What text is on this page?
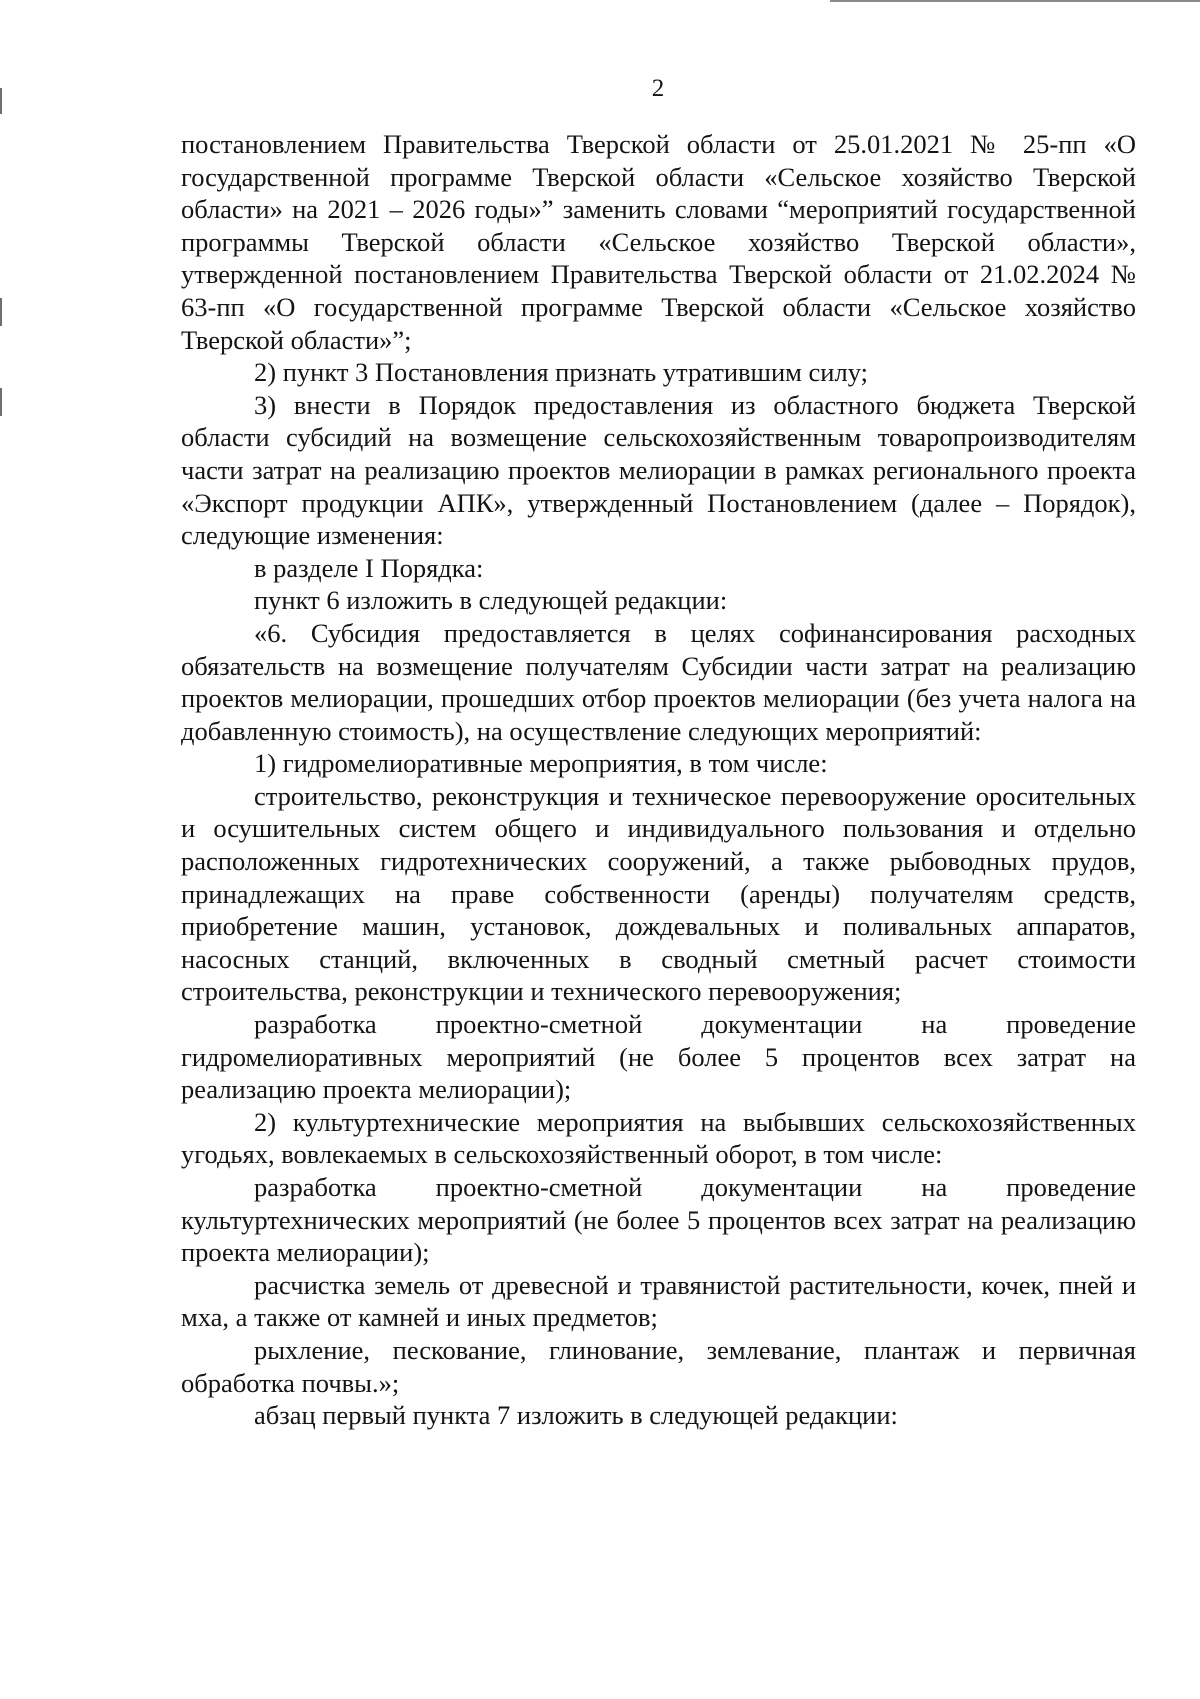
2

постановлением Правительства Тверской области от 25.01.2021 № 25-пп «О государственной программе Тверской области «Сельское хозяйство Тверской области» на 2021 – 2026 годы»” заменить словами “мероприятий государственной программы Тверской области «Сельское хозяйство Тверской области», утвержденной постановлением Правительства Тверской области от 21.02.2024 № 63-пп «О государственной программе Тверской области «Сельское хозяйство Тверской области»”;

2) пункт 3 Постановления признать утратившим силу;

3) внести в Порядок предоставления из областного бюджета Тверской области субсидий на возмещение сельскохозяйственным товаропроизводителям части затрат на реализацию проектов мелиорации в рамках регионального проекта «Экспорт продукции АПК», утвержденный Постановлением (далее – Порядок), следующие изменения:

в разделе I Порядка:

пункт 6 изложить в следующей редакции:

«6. Субсидия предоставляется в целях софинансирования расходных обязательств на возмещение получателям Субсидии части затрат на реализацию проектов мелиорации, прошедших отбор проектов мелиорации (без учета налога на добавленную стоимость), на осуществление следующих мероприятий:

1) гидромелиоративные мероприятия, в том числе:

строительство, реконструкция и техническое перевооружение оросительных и осушительных систем общего и индивидуального пользования и отдельно расположенных гидротехнических сооружений, а также рыбоводных прудов, принадлежащих на праве собственности (аренды) получателям средств, приобретение машин, установок, дождевальных и поливальных аппаратов, насосных станций, включенных в сводный сметный расчет стоимости строительства, реконструкции и технического перевооружения;

разработка проектно-сметной документации на проведение гидромелиоративных мероприятий (не более 5 процентов всех затрат на реализацию проекта мелиорации);

2) культуртехнические мероприятия на выбывших сельскохозяйственных угодьях, вовлекаемых в сельскохозяйственный оборот, в том числе:

разработка проектно-сметной документации на проведение культуртехнических мероприятий (не более 5 процентов всех затрат на реализацию проекта мелиорации);

расчистка земель от древесной и травянистой растительности, кочек, пней и мха, а также от камней и иных предметов;

рыхление, пескование, глинование, землевание, плантаж и первичная обработка почвы.»;

абзац первый пункта 7 изложить в следующей редакции:
